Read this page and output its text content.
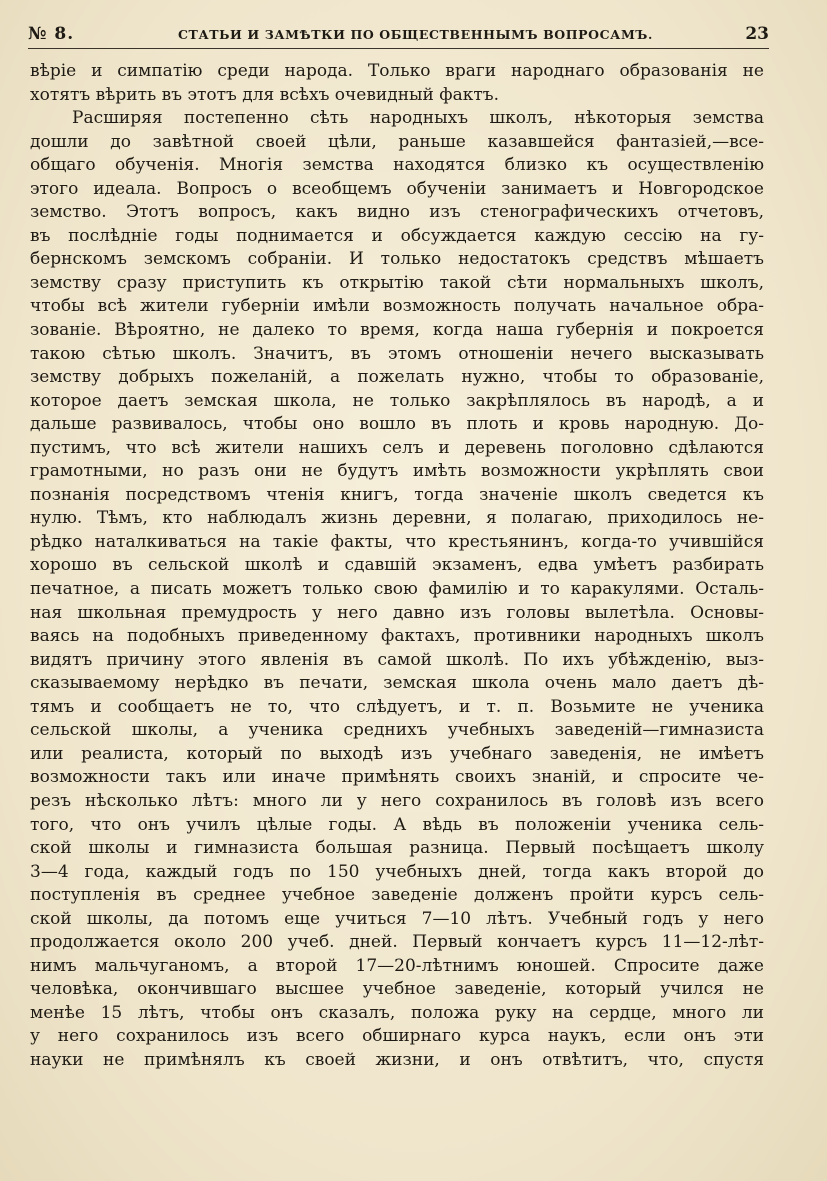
№ 8.	СТАТЬИ И ЗАМѢТКИ ПО ОБЩЕСТВЕННЫМЪ ВОПРОСАМЪ.	23
вѣріе и симпатію среди народа. Только враги народнаго образованія не
хотятъ вѣрить въ этотъ для всѣхъ очевидный фактъ.
Расширяя постепенно сѣть народныхъ школъ, нѣкоторыя земства
дошли до завѣтной своей цѣли, раньше казавшейся фантазіей,—все-
общаго обученія. Многія земства находятся близко къ осуществленію
этого идеала. Вопросъ о всеобщемъ обученіи занимаетъ и Новгородское
земство. Этотъ вопросъ, какъ видно изъ стенографическихъ отчетовъ,
въ послѣдніе годы поднимается и обсуждается каждую сессію на гу-
бернскомъ земскомъ собраніи. И только недостатокъ средствъ мѣшаетъ
земству сразу приступить къ открытію такой сѣти нормальныхъ школъ,
чтобы всѣ жители губерніи имѣли возможность получать начальное обра-
зованіе. Вѣроятно, не далеко то время, когда наша губернія и покроется
такою сѣтью школъ. Значитъ, въ этомъ отношеніи нечего высказывать
земству добрыхъ пожеланій, а пожелать нужно, чтобы то образованіе,
которое даетъ земская школа, не только закрѣплялось въ народѣ, а и
дальше развивалось, чтобы оно вошло въ плоть и кровь народную. До-
пустимъ, что всѣ жители нашихъ селъ и деревень поголовно сдѣлаются
грамотными, но разъ они не будутъ имѣть возможности укрѣплять свои
познанія посредствомъ чтенія книгъ, тогда значеніе школъ сведется къ
нулю. Тѣмъ, кто наблюдалъ жизнь деревни, я полагаю, приходилось не-
рѣдко наталкиваться на такіе факты, что крестьянинъ, когда-то учившійся
хорошо въ сельской школѣ и сдавшій экзаменъ, едва умѣетъ разбирать
печатное, а писать можетъ только свою фамилію и то каракулями. Осталь-
ная школьная премудрость у него давно изъ головы вылетѣла. Основы-
ваясь на подобныхъ приведенному фактахъ, противники народныхъ школъ
видятъ причину этого явленія въ самой школѣ. По ихъ убѣжденію, выз-
сказываемому нерѣдко въ печати, земская школа очень мало даетъ дѣ-
тямъ и сообщаетъ не то, что слѣдуетъ, и т. п. Возьмите не ученика
сельской школы, а ученика среднихъ учебныхъ заведеній—гимназиста
или реалиста, который по выходѣ изъ учебнаго заведенія, не имѣетъ
возможности такъ или иначе примѣнять своихъ знаній, и спросите че-
резъ нѣсколько лѣтъ: много ли у него сохранилось въ головѣ изъ всего
того, что онъ училъ цѣлые годы. А вѣдь въ положеніи ученика сель-
ской школы и гимназиста большая разница. Первый посѣщаетъ школу
3—4 года, каждый годъ по 150 учебныхъ дней, тогда какъ второй до
поступленія въ среднее учебное заведеніе долженъ пройти курсъ сель-
ской школы, да потомъ еще учиться 7—10 лѣтъ. Учебный годъ у него
продолжается около 200 учеб. дней. Первый кончаетъ курсъ 11—12-лѣт-
нимъ мальчуганомъ, а второй 17—20-лѣтнимъ юношей. Спросите даже
человѣка, окончившаго высшее учебное заведеніе, который учился не
менѣе 15 лѣтъ, чтобы онъ сказалъ, положа руку на сердце, много ли
у него сохранилось изъ всего обширнаго курса наукъ, если онъ эти
науки не примѣнялъ къ своей жизни, и онъ отвѣтитъ, что, спустя
